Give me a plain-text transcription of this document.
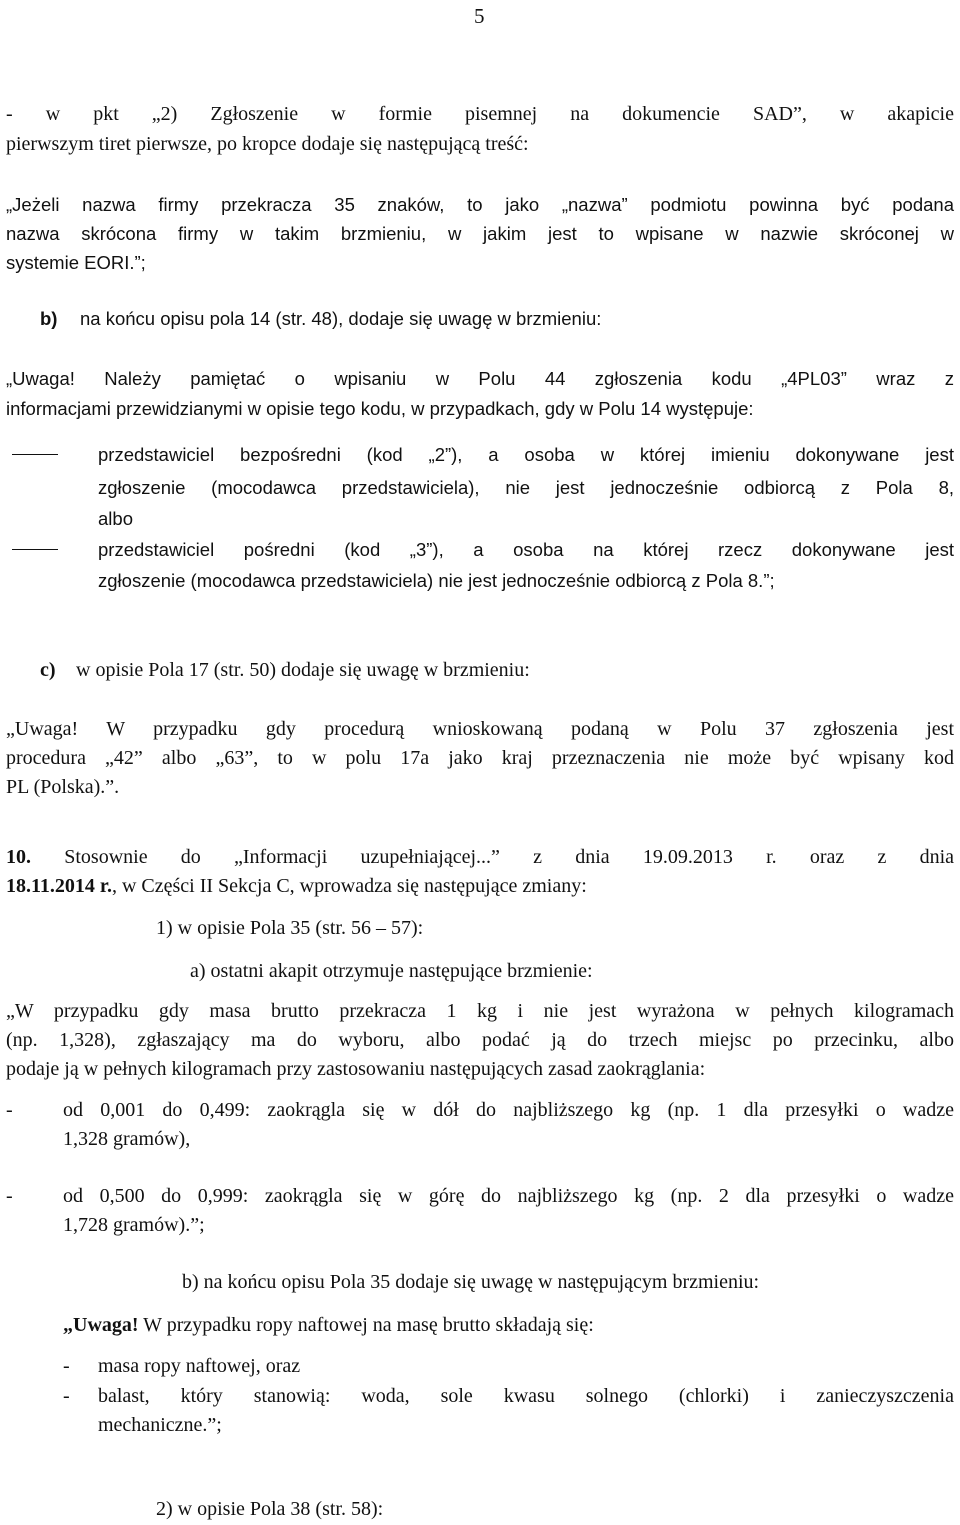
5
- w pkt „2) Zgłoszenie w formie pisemnej na dokumencie SAD”, w akapicie
pierwszym tiret pierwsze, po kropce dodaje się następującą treść:
„Jeżeli nazwa firmy przekracza 35 znaków, to jako „nazwa” podmiotu powinna być podana
nazwa skrócona firmy w takim brzmieniu, w jakim jest to wpisane w nazwie skróconej w
systemie EORI.”;
b) na końcu opisu pola 14 (str. 48), dodaje się uwagę w brzmieniu:
„Uwaga! Należy pamiętać o wpisaniu w Polu 44 zgłoszenia kodu „4PL03” wraz z
informacjami przewidzianymi w opisie tego kodu, w przypadkach, gdy w Polu 14 występuje:
przedstawiciel bezpośredni (kod „2”), a osoba w której imieniu dokonywane jest
zgłoszenie (mocodawca przedstawiciela), nie jest jednocześnie odbiorcą z Pola 8,
albo
przedstawiciel pośredni (kod „3”), a osoba na której rzecz dokonywane jest
zgłoszenie (mocodawca przedstawiciela) nie jest jednocześnie odbiorcą z Pola 8.”;
c) w opisie Pola 17 (str. 50) dodaje się uwagę w brzmieniu:
„Uwaga! W przypadku gdy procedurą wnioskowaną podaną w Polu 37 zgłoszenia jest
procedura „42” albo „63”, to w polu 17a jako kraj przeznaczenia nie może być wpisany kod
PL (Polska).”.
10. Stosownie do „Informacji uzupełniającej...” z dnia 19.09.2013 r. oraz z dnia
18.11.2014 r., w Części II Sekcja C, wprowadza się następujące zmiany:
1) w opisie Pola 35 (str. 56 – 57):
a) ostatni akapit otrzymuje następujące brzmienie:
„W przypadku gdy masa brutto przekracza 1 kg i nie jest wyrażona w pełnych kilogramach
(np. 1,328), zgłaszający ma do wyboru, albo podać ją do trzech miejsc po przecinku, albo
podaje ją w pełnych kilogramach przy zastosowaniu następujących zasad zaokrąglania:
-	od 0,001 do 0,499: zaokrągla się w dół do najbliższego kg (np. 1 dla przesyłki o wadze
1,328 gramów),
-	od 0,500 do 0,999: zaokrągla się w górę do najbliższego kg (np. 2 dla przesyłki o wadze
1,728 gramów).”;
b) na końcu opisu Pola 35 dodaje się uwagę w następującym brzmieniu:
„Uwaga! W przypadku ropy naftowej na masę brutto składają się:
- masa ropy naftowej, oraz
- balast, który stanowią: woda, sole kwasu solnego (chlorki) i zanieczyszczenia
mechaniczne.”;
2) w opisie Pola 38 (str. 58):
